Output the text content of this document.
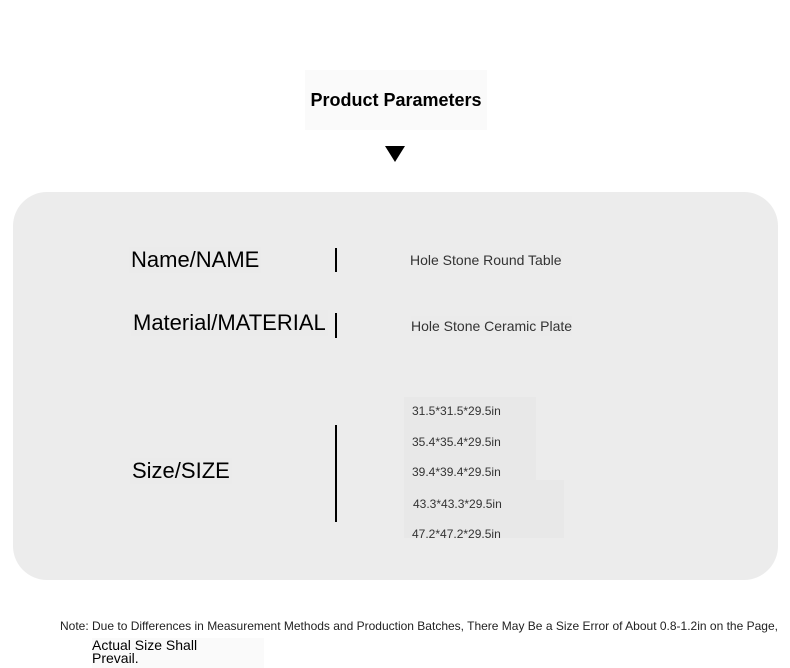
Product Parameters
Name/NAME	Hole Stone Round Table
Material/MATERIAL	Hole Stone Ceramic Plate
Size/SIZE
31.5*31.5*29.5in
35.4*35.4*29.5in
39.4*39.4*29.5in
43.3*43.3*29.5in
47.2*47.2*29.5in
Note: Due to Differences in Measurement Methods and Production Batches, There May Be a Size Error of About 0.8-1.2in on the Page,
Actual Size Shall Prevail.
